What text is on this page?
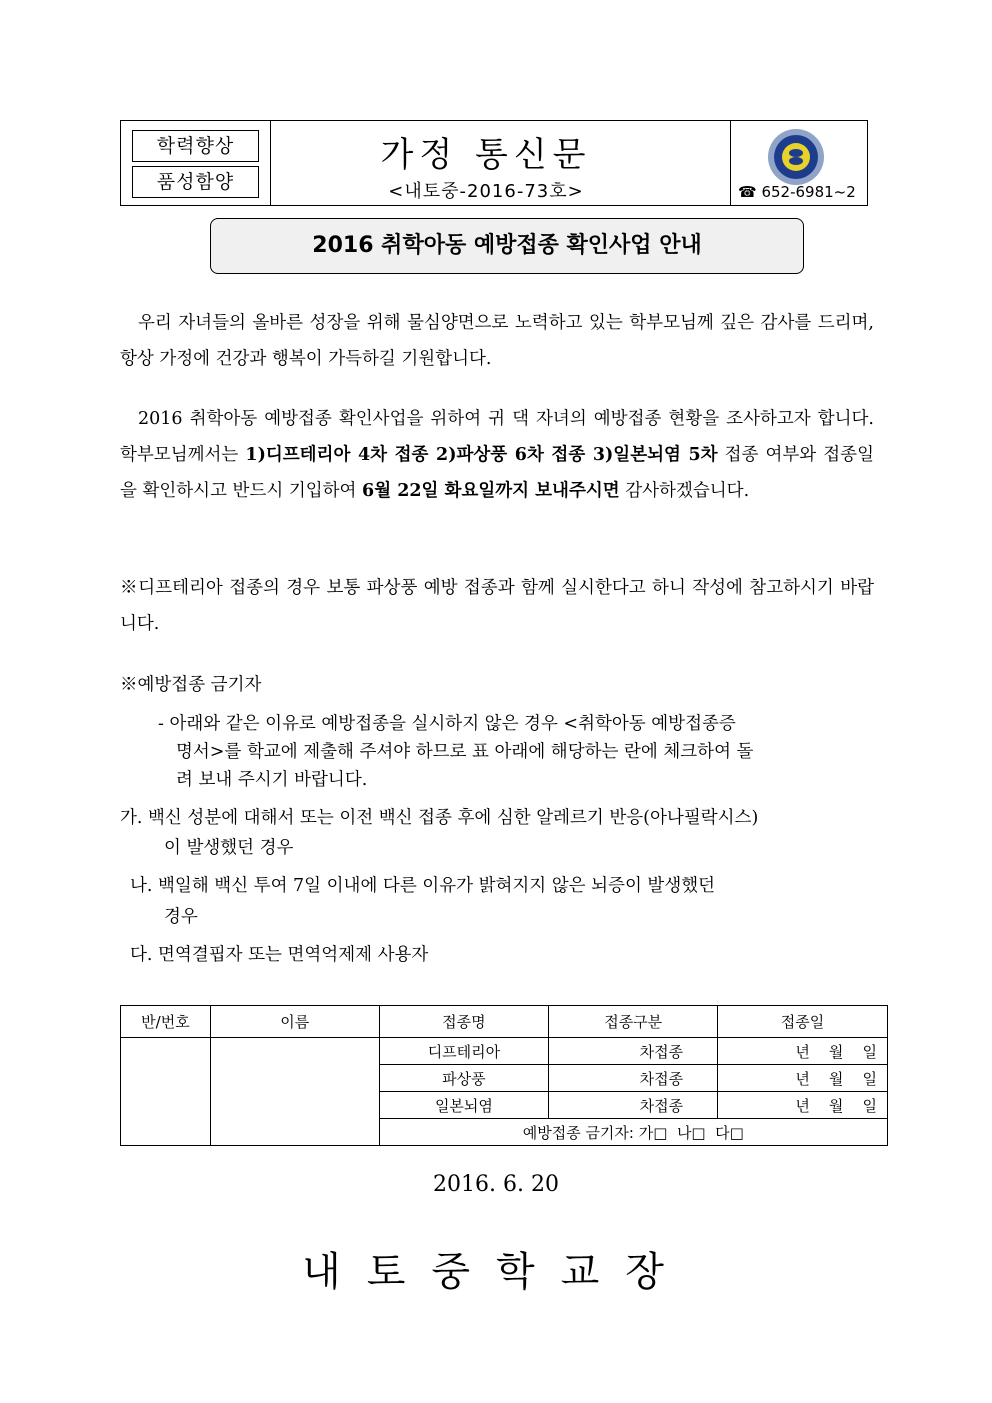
학력향상
품성함양
가정 통신문
<내토중-2016-73호>	☎ 652-6981~2
2016 취학아동 예방접종 확인사업 안내
우리 자녀들의 올바른 성장을 위해 물심양면으로 노력하고 있는 학부모님께 깊은 감사를 드리며, 항상 가정에 건강과 행복이 가득하길 기원합니다.
2016 취학아동 예방접종 확인사업을 위하여 귀 댁 자녀의 예방접종 현황을 조사하고자 합니다. 학부모님께서는 1)디프테리아 4차 접종 2)파상풍 6차 접종 3)일본뇌염 5차 접종 여부와 접종일을 확인하시고 반드시 기입하여 6월 22일 화요일까지 보내주시면 감사하겠습니다.
※디프테리아 접종의 경우 보통 파상풍 예방 접종과 함께 실시한다고 하니 작성에 참고하시기 바랍니다.
※예방접종 금기자
- 아래와 같은 이유로 예방접종을 실시하지 않은 경우 <취학아동 예방접종증
명서>를 학교에 제출해 주셔야 하므로 표 아래에 해당하는 란에 체크하여 돌
려 보내 주시기 바랍니다.
가. 백신 성분에 대해서 또는 이전 백신 접종 후에 심한 알레르기 반응(아나필락시스)
이 발생했던 경우
나. 백일해 백신 투여 7일 이내에 다른 이유가 밝혀지지 않은 뇌증이 발생했던
경우
다. 면역결핍자 또는 면역억제제 사용자
반/번호	이름	접종명	접종구분	접종일
		디프테리아	차접종	년    월    일
		파상풍	차접종	년    월    일
		일본뇌염	차접종	년    월    일
		예방접종 금기자: 가□  나□  다□		
2016. 6. 20
내토중학교장
